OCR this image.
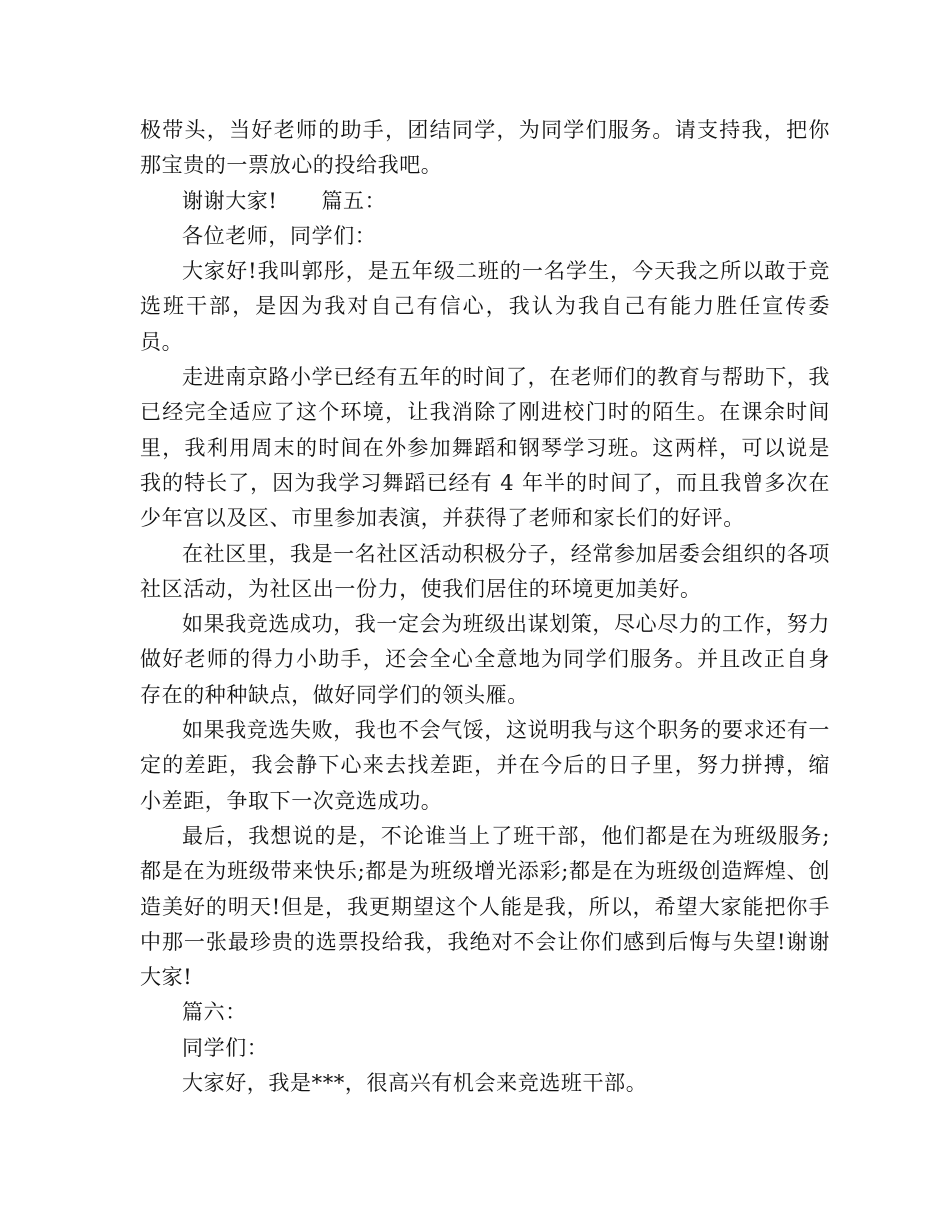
极带头，当好老师的助手，团结同学，为同学们服务。请支持我，把你那宝贵的一票放心的投给我吧。

谢谢大家! 篇五：

各位老师，同学们：

大家好!我叫郭彤，是五年级二班的一名学生，今天我之所以敢于竞选班干部，是因为我对自己有信心，我认为我自己有能力胜任宣传委员。

走进南京路小学已经有五年的时间了，在老师们的教育与帮助下，我已经完全适应了这个环境，让我消除了刚进校门时的陌生。在课余时间里，我利用周末的时间在外参加舞蹈和钢琴学习班。这两样，可以说是我的特长了，因为我学习舞蹈已经有 4 年半的时间了，而且我曾多次在少年宫以及区、市里参加表演，并获得了老师和家长们的好评。

在社区里，我是一名社区活动积极分子，经常参加居委会组织的各项社区活动，为社区出一份力，使我们居住的环境更加美好。

如果我竞选成功，我一定会为班级出谋划策，尽心尽力的工作，努力做好老师的得力小助手，还会全心全意地为同学们服务。并且改正自身存在的种种缺点，做好同学们的领头雁。

如果我竞选失败，我也不会气馁，这说明我与这个职务的要求还有一定的差距，我会静下心来去找差距，并在今后的日子里，努力拼搏，缩小差距，争取下一次竞选成功。

最后，我想说的是，不论谁当上了班干部，他们都是在为班级服务;都是在为班级带来快乐;都是为班级增光添彩;都是在为班级创造辉煌、创造美好的明天!但是，我更期望这个人能是我，所以，希望大家能把你手中那一张最珍贵的选票投给我，我绝对不会让你们感到后悔与失望!谢谢大家!

篇六：

同学们：

大家好，我是***，很高兴有机会来竞选班干部。
